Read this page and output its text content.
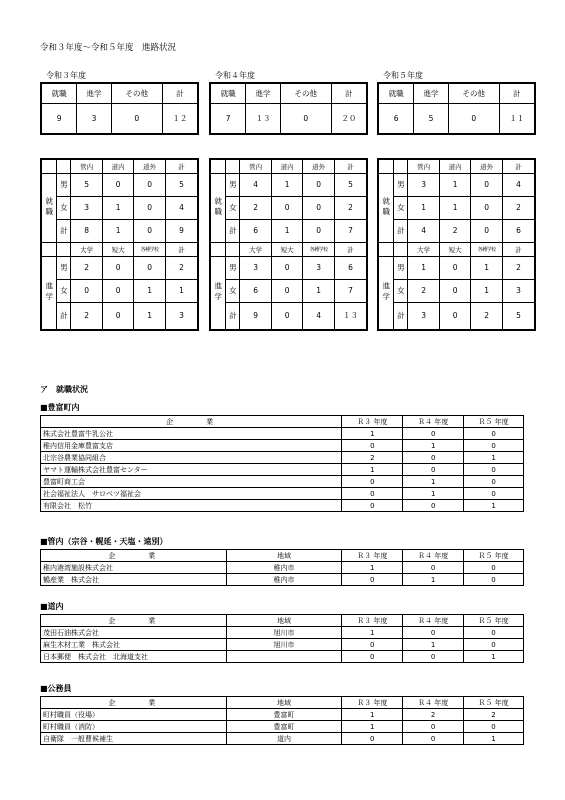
令和３年度～令和５年度　進路状況
令和３年度
就職	進学	その他	計
9	3	0	１２
令和４年度
就職	進学	その他	計
7	１３	0	２０
令和５年度
就職	進学	その他	計
6	5	0	１１
		管内	道内	道外	計
就職	男	5	0	0	5
	女	3	1	0	4
	計	8	1	0	9
		大学	短大	各種学校	計
進学	男	2	0	0	2
	女	0	0	1	1
	計	2	0	1	3
		管内	道内	道外	計
就職	男	4	1	0	5
	女	2	0	0	2
	計	6	1	0	7
		大学	短大	各種学校	計
進学	男	3	0	3	6
	女	6	0	1	7
	計	9	0	4	１３
		管内	道内	道外	計
就職	男	3	1	0	4
	女	1	1	0	2
	計	4	2	0	6
		大学	短大	各種学校	計
進学	男	1	0	1	2
	女	2	0	1	3
	計	3	0	2	5
ア　就職状況
■豊富町内
企　　　業	Ｒ３ 年度	Ｒ４ 年度	Ｒ５ 年度
株式会社豊富牛乳公社	1	0	0
稚内信用金庫豊富支店	0	1	0
北宗谷農業協同組合	2	0	1
ヤマト運輸株式会社豊富センター	1	0	0
豊富町商工会	0	1	0
社会福祉法人　サロベツ福祉会	0	1	0
有限会社　松竹	0	0	1
■管内（宗谷・幌延・天塩・遠別）
企　　　業	地域	Ｒ３ 年度	Ｒ４ 年度	Ｒ５ 年度
稚内港湾施設株式会社	稚内市	1	0	0
鶴産業　株式会社	稚内市	0	1	0
■道内
企　　　業	地域	Ｒ３ 年度	Ｒ４ 年度	Ｒ５ 年度
茂田石油株式会社	旭川市	1	0	0
麻生木材工業　株式会社	旭川市	0	1	0
日本郵便　株式会社　北海道支社		0	0	1
■公務員
企　　　業	地域	Ｒ３ 年度	Ｒ４ 年度	Ｒ５ 年度
町村職員（役場）	豊富町	1	2	2
町村職員（消防）	豊富町	1	0	0
自衛隊　一般曹候補生	道内	0	0	1
